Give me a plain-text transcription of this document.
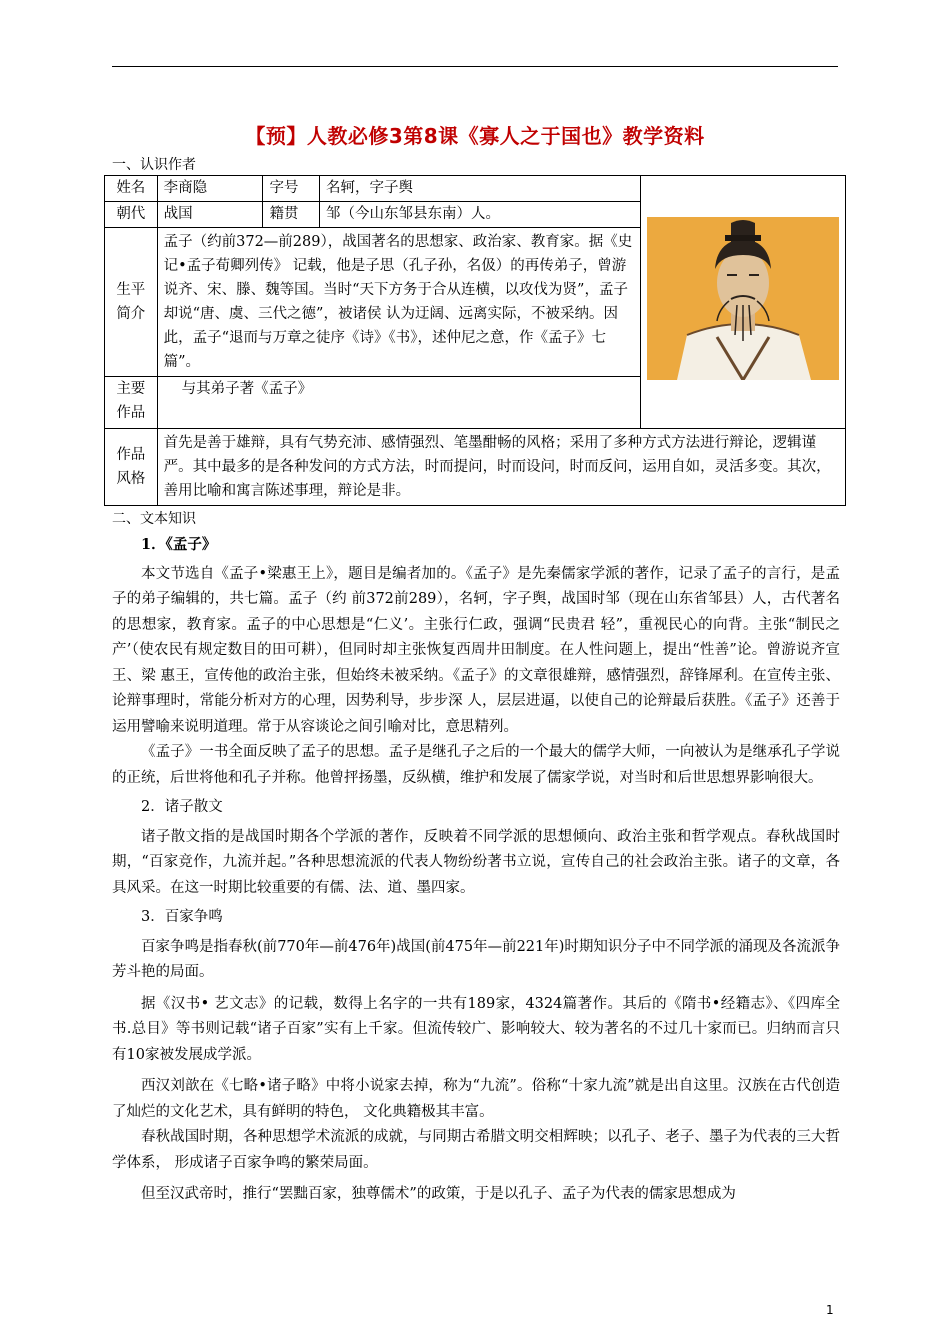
【预】人教必修3第8课《寡人之于国也》教学资料
一、认识作者
姓名	李商隐	字号	名轲，字子舆	
朝代	战国	籍贯	邹（今山东邹县东南）人。	
生平简介	孟子（约前372—前289），战国著名的思想家、政治家、教育家。据《史记•孟子荀卿列传》 记载，他是子思（孔子孙，名伋）的再传弟子，曾游说齐、宋、滕、魏等国。当时“天下方务于合从连横，以攻伐为贤”，孟子却说“唐、虞、三代之德”，被诸侯 认为迂阔、远离实际，不被采纳。因此，孟子“退而与万章之徒序《诗》《书》，述仲尼之意，作《孟子》七篇”。			
主要作品	与其弟子著《孟子》			
作品风格	首先是善于雄辩，具有气势充沛、感情强烈、笔墨酣畅的风格；采用了多种方式方法进行辩论，逻辑谨严。其中最多的是各种发问的方式方法，时而提问，时而设问，时而反问，运用自如，灵活多变。其次，善用比喻和寓言陈述事理，辩论是非。			
二、文本知识

1．《孟子》

本文节选自《孟子•梁惠王上》，题目是编者加的。《孟子》是先秦儒家学派的著作，记录了孟子的言行，是孟子的弟子编辑的，共七篇。孟子（约 前372前289），名轲，字子舆，战国时邹（现在山东省邹县）人，古代著名的思想家，教育家。孟子的中心思想是“仁义’。主张行仁政，强调“民贵君 轻”，重视民心的向背。主张“制民之产’（使农民有规定数目的田可耕），但同时却主张恢复西周井田制度。在人性问题上，提出“性善”论。曾游说齐宣王、梁 惠王，宣传他的政治主张，但始终未被采纳。《孟子》的文章很雄辩，感情强烈，辞锋犀利。在宣传主张、论辩事理时，常能分析对方的心理，因势利导，步步深 人，层层进逼，以使自己的论辩最后获胜。《孟子》还善于运用譬喻来说明道理。常于从容谈论之间引喻对比，意思精列。

《孟子》一书全面反映了孟子的思想。孟子是继孔子之后的一个最大的儒学大师，一向被认为是继承孔子学说的正统，后世将他和孔子并称。他曾抨扬墨，反纵横，维护和发展了儒家学说，对当时和后世思想界影响很大。

2．诸子散文

诸子散文指的是战国时期各个学派的著作，反映着不同学派的思想倾向、政治主张和哲学观点。春秋战国时期，“百家竞作，九流并起。”各种思想流派的代表人物纷纷著书立说，宣传自己的社会政治主张。诸子的文章，各具风采。在这一时期比较重要的有儒、法、道、墨四家。

3．百家争鸣

百家争鸣是指春秋(前770年—前476年)战国(前475年—前221年)时期知识分子中不同学派的涌现及各流派争芳斗艳的局面。

据《汉书• 艺文志》的记载，数得上名字的一共有189家，4324篇著作。其后的《隋书•经籍志》、《四库全书.总目》等书则记载“诸子百家”实有上千家。但流传较广、影响较大、较为著名的不过几十家而已。归纳而言只有10家被发展成学派。

西汉刘歆在《七略•诸子略》中将小说家去掉，称为“九流”。俗称“十家九流”就是出自这里。汉族在古代创造了灿烂的文化艺术，具有鲜明的特色， 文化典籍极其丰富。

春秋战国时期，各种思想学术流派的成就，与同期古希腊文明交相辉映；以孔子、老子、墨子为代表的三大哲学体系， 形成诸子百家争鸣的繁荣局面。

但至汉武帝时，推行“罢黜百家，独尊儒术”的政策，于是以孔子、孟子为代表的儒家思想成为

1
